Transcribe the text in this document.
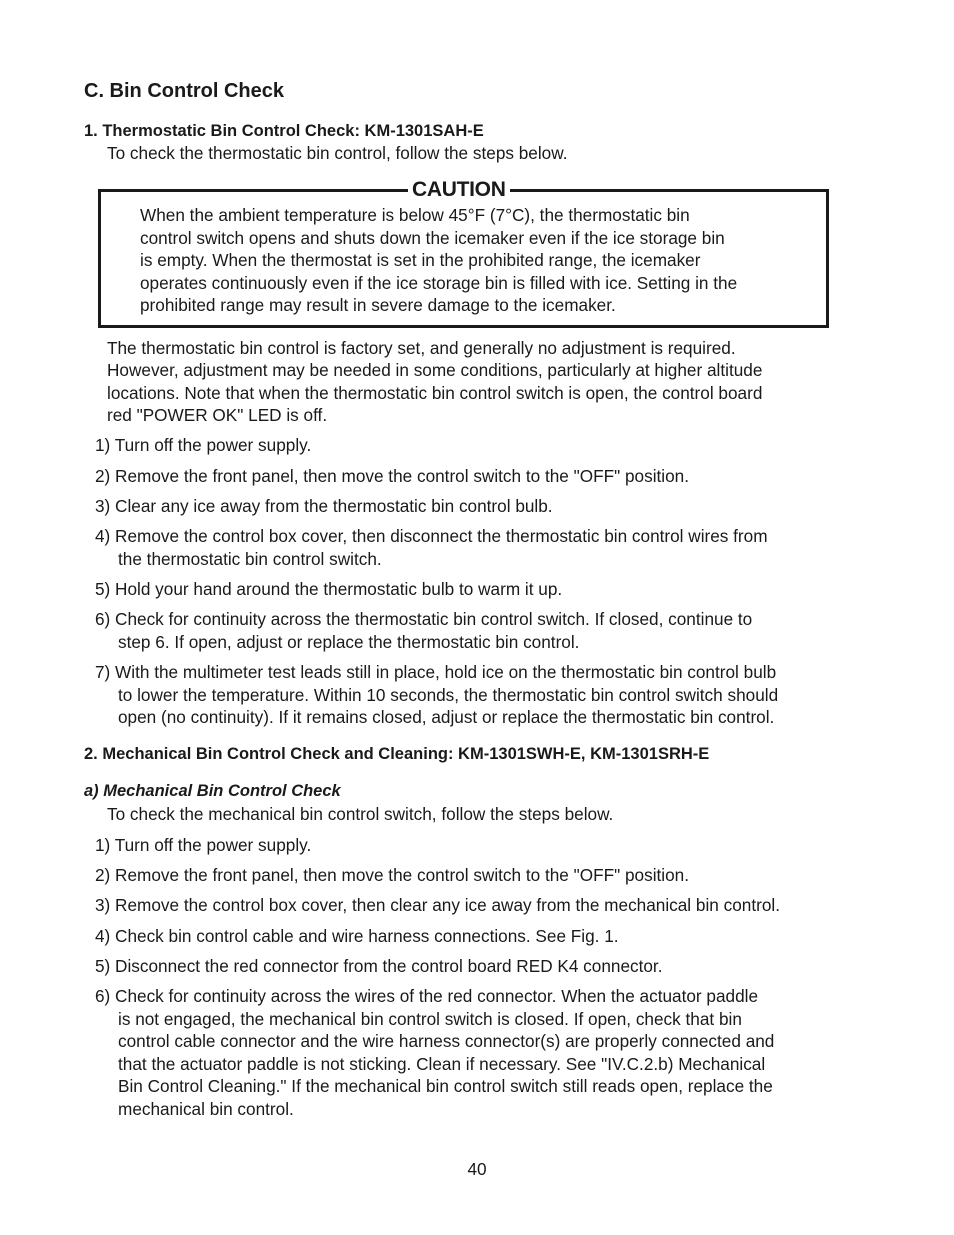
C. Bin Control Check
1. Thermostatic Bin Control Check: KM-1301SAH-E
To check the thermostatic bin control, follow the steps below.
CAUTION
When the ambient temperature is below 45°F (7°C), the thermostatic bin
control switch opens and shuts down the icemaker even if the ice storage bin
is empty. When the thermostat is set in the prohibited range, the icemaker
operates continuously even if the ice storage bin is filled with ice. Setting in the
prohibited range may result in severe damage to the icemaker.
The thermostatic bin control is factory set, and generally no adjustment is required.
However, adjustment may be needed in some conditions, particularly at higher altitude
locations. Note that when the thermostatic bin control switch is open, the control board
red "POWER OK" LED is off.
1) Turn off the power supply.
2) Remove the front panel, then move the control switch to the "OFF" position.
3) Clear any ice away from the thermostatic bin control bulb.
4) Remove the control box cover, then disconnect the thermostatic bin control wires from
the thermostatic bin control switch.
5) Hold your hand around the thermostatic bulb to warm it up.
6) Check for continuity across the thermostatic bin control switch. If closed, continue to
step 6. If open, adjust or replace the thermostatic bin control.
7) With the multimeter test leads still in place, hold ice on the thermostatic bin control bulb
to lower the temperature. Within 10 seconds, the thermostatic bin control switch should
open (no continuity). If it remains closed, adjust or replace the thermostatic bin control.
2. Mechanical Bin Control Check and Cleaning: KM-1301SWH-E, KM-1301SRH-E
a) Mechanical Bin Control Check
To check the mechanical bin control switch, follow the steps below.
1) Turn off the power supply.
2) Remove the front panel, then move the control switch to the "OFF" position.
3) Remove the control box cover, then clear any ice away from the mechanical bin control.
4) Check bin control cable and wire harness connections. See Fig. 1.
5) Disconnect the red connector from the control board RED K4 connector.
6) Check for continuity across the wires of the red connector. When the actuator paddle
is not engaged, the mechanical bin control switch is closed. If open, check that bin
control cable connector and the wire harness connector(s) are properly connected and
that the actuator paddle is not sticking. Clean if necessary. See "IV.C.2.b) Mechanical
Bin Control Cleaning." If the mechanical bin control switch still reads open, replace the
mechanical bin control.
40
